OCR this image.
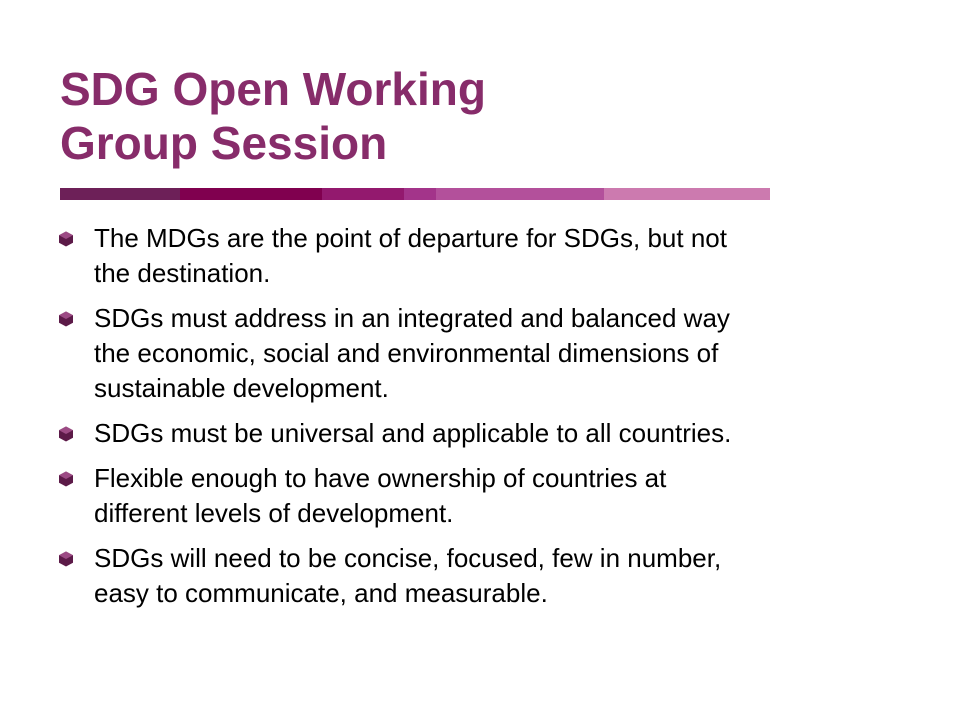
SDG Open Working
Group Session
The MDGs are the point of departure for SDGs, but not
the destination.
SDGs must address in an integrated and balanced way
the economic, social and environmental dimensions of
sustainable development.
SDGs must be universal and applicable to all countries.
Flexible enough to have ownership of countries at
different levels of development.
SDGs will need to be concise, focused, few in number,
easy to communicate, and measurable.
